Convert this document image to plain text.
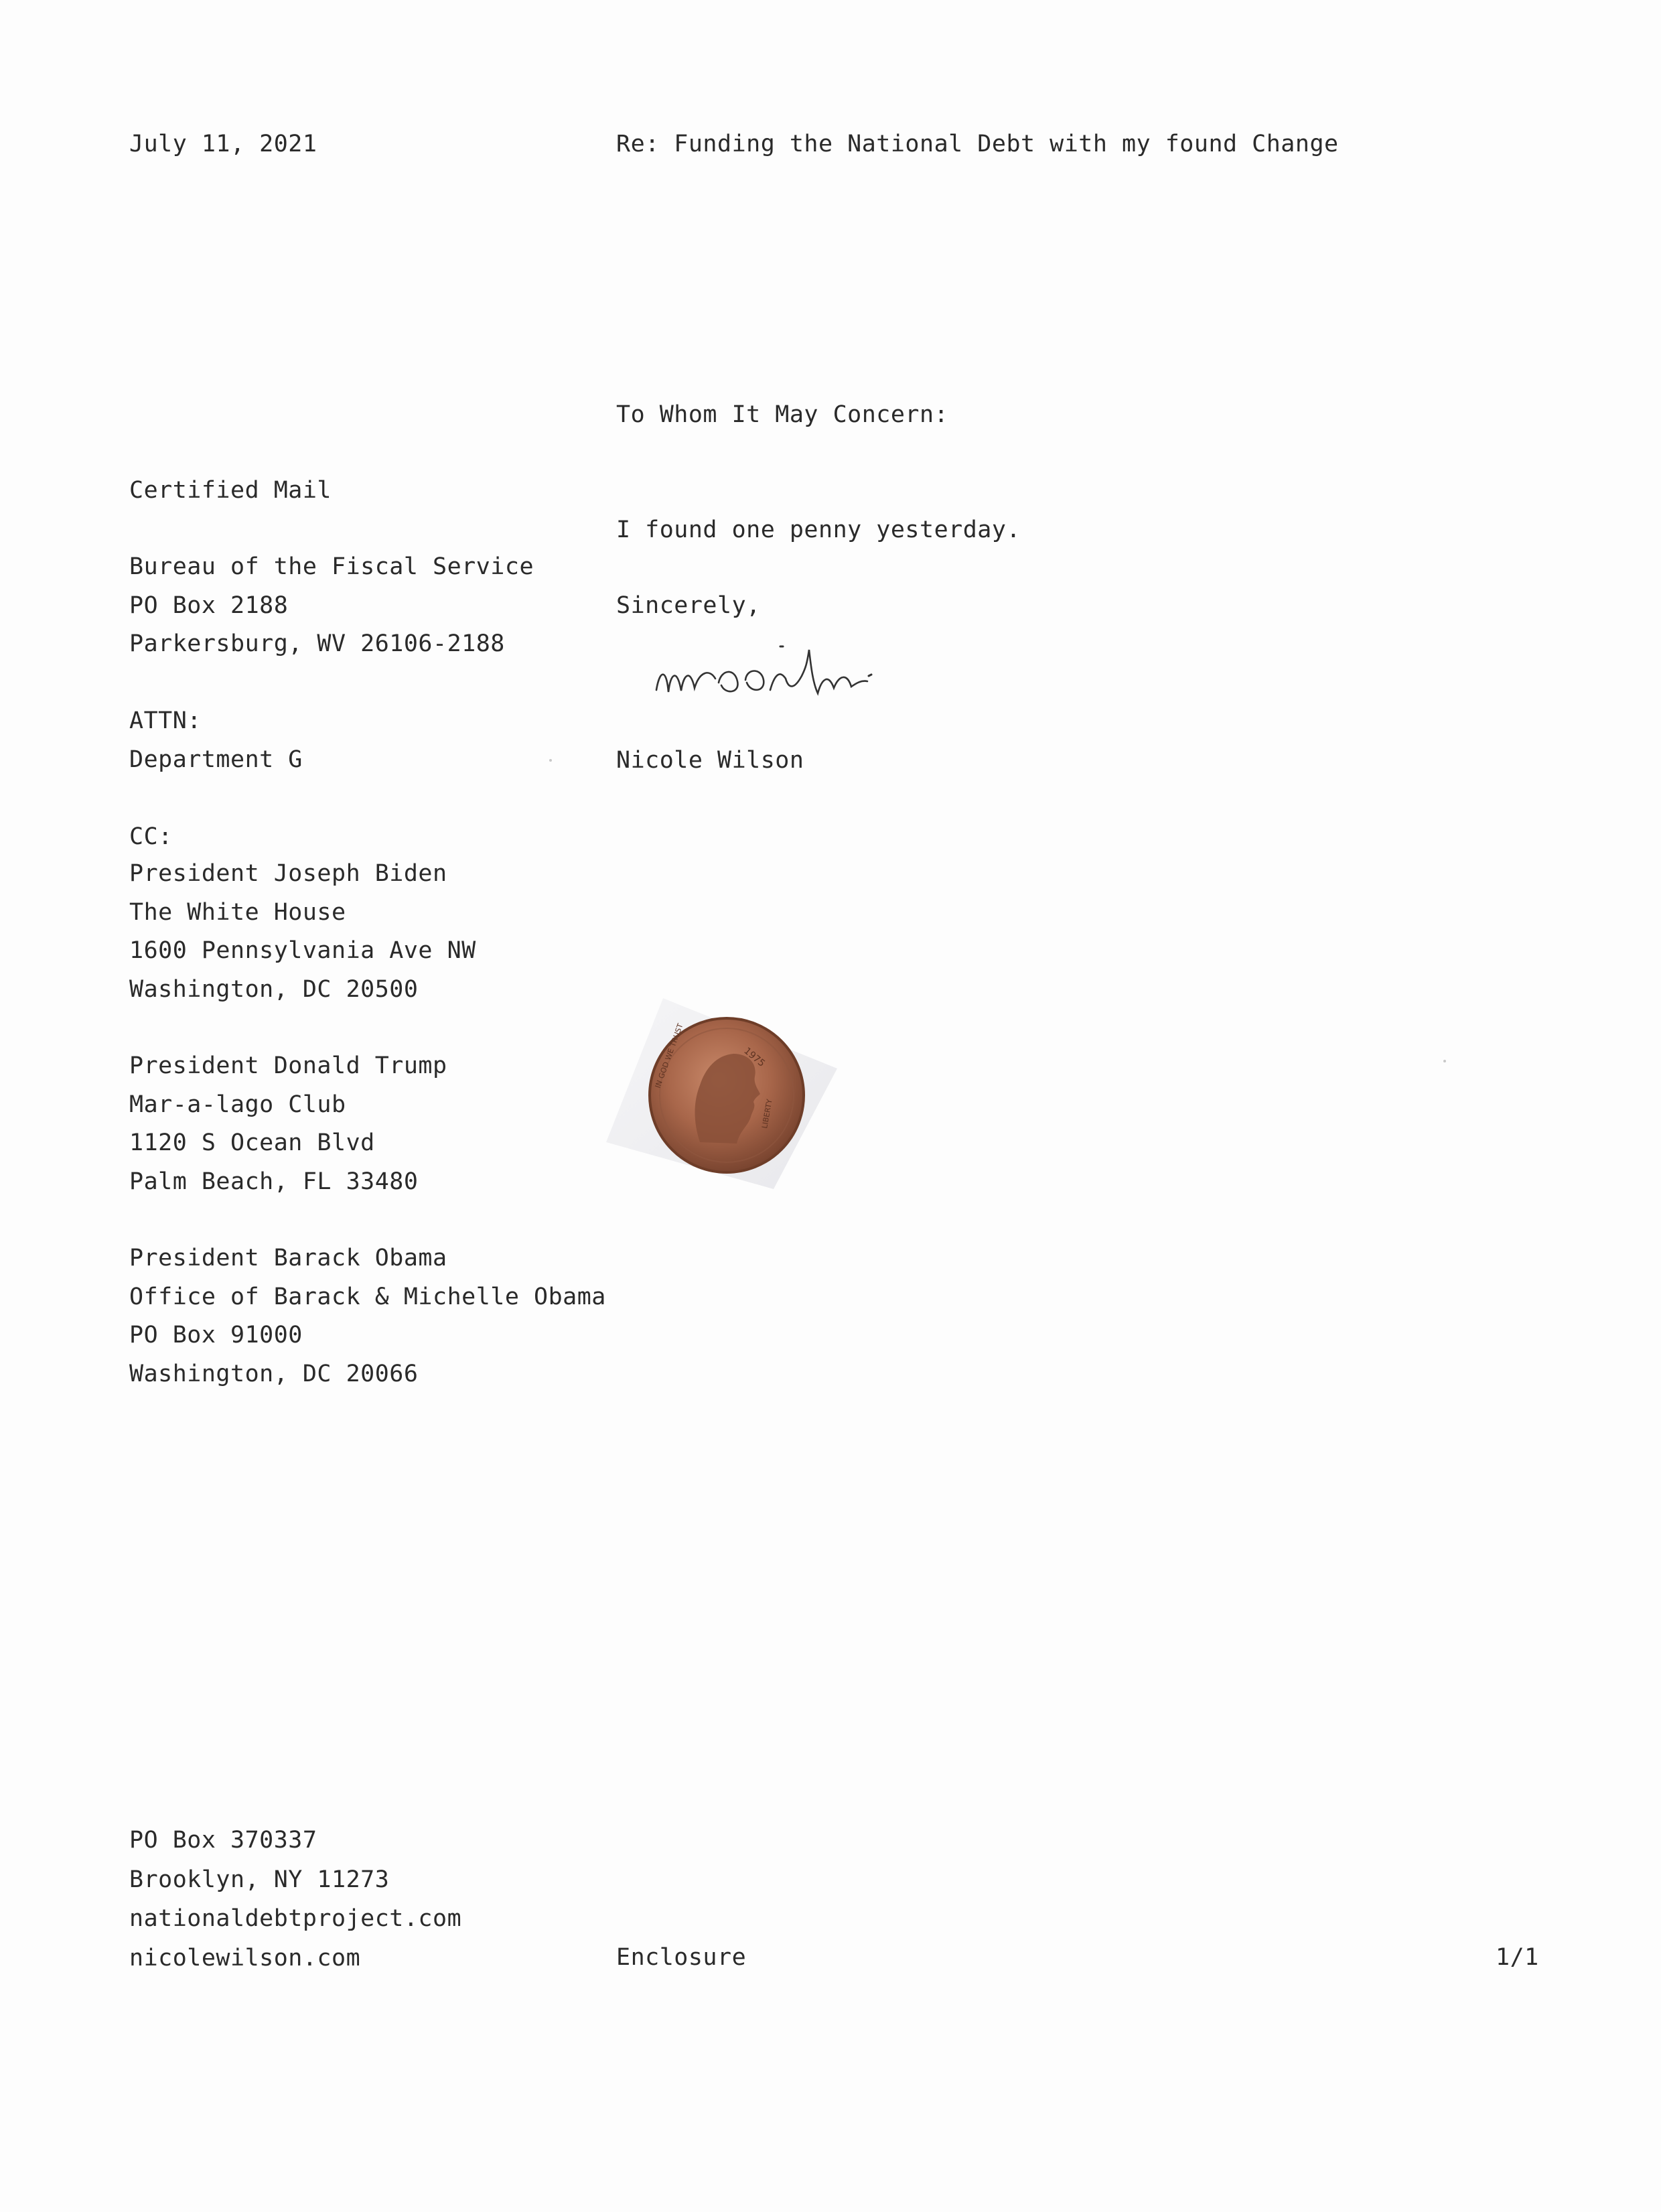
July 11, 2021	Re: Funding the National Debt with my found Change
To Whom It May Concern:
Certified Mail
I found one penny yesterday.
Bureau of the Fiscal Service
PO Box 2188
Parkersburg, WV 26106-2188
Sincerely,
ATTN:
Department G	Nicole Wilson
CC:
President Joseph Biden
The White House
1600 Pennsylvania Ave NW
Washington, DC 20500
President Donald Trump
Mar-a-lago Club
1120 S Ocean Blvd
Palm Beach, FL 33480
President Barack Obama
Office of Barack & Michelle Obama
PO Box 91000
Washington, DC 20066
1975
IN GOD WE TRUST
LIBERTY
PO Box 370337
Brooklyn, NY 11273
nationaldebtproject.com
nicolewilson.com	Enclosure	1/1
